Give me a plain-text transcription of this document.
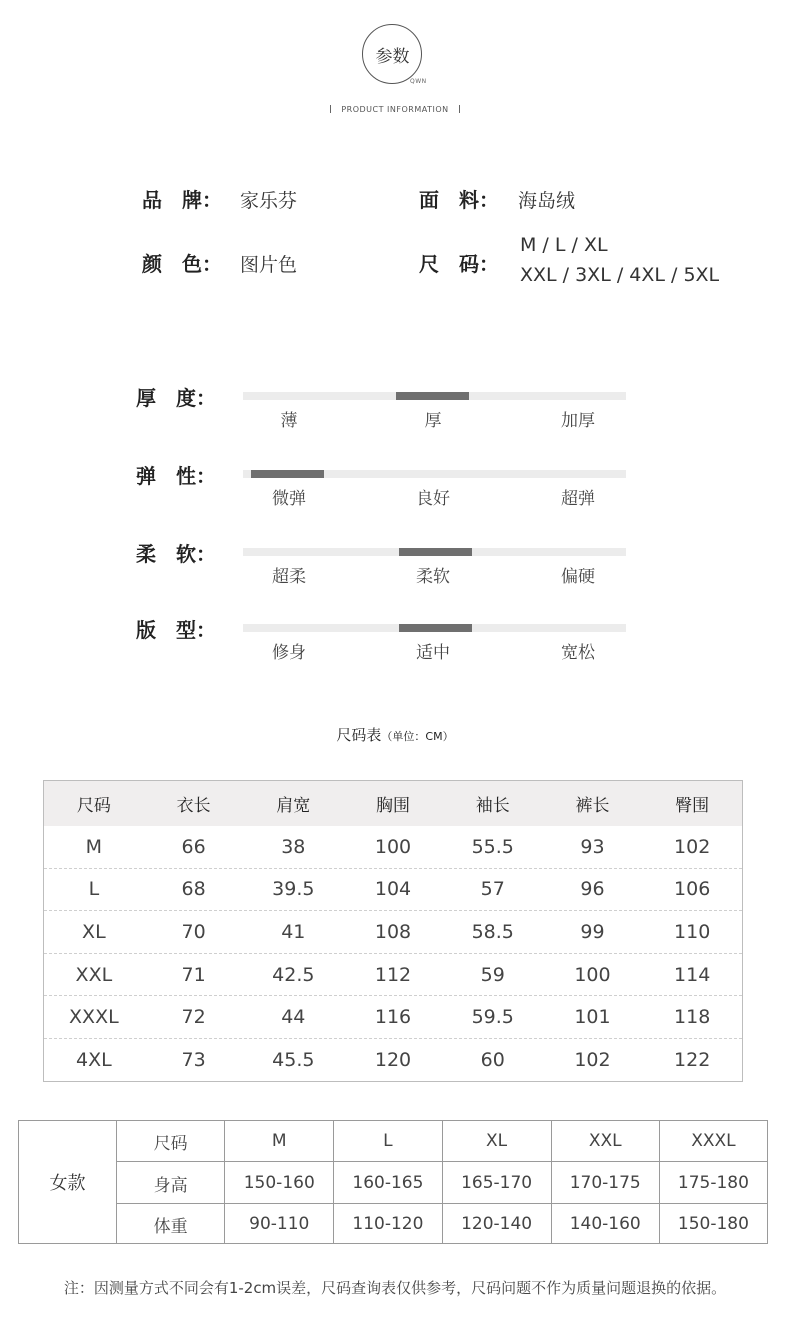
参数
QWN
PRODUCT INFORMATION
品　牌： 家乐芬	面　料： 海岛绒
颜　色： 图片色	尺　码：
M / L / XL
XXL / 3XL / 4XL / 5XL
厚　度：
薄	厚	加厚
弹　性：
微弹	良好	超弹
柔　软：
超柔	柔软	偏硬
版　型：
修身	适中	宽松
尺码表（单位：CM）
尺码	衣长	肩宽	胸围	袖长	裤长	臀围
M	66	38	100	55.5	93	102
L	68	39.5	104	57	96	106
XL	70	41	108	58.5	99	110
XXL	71	42.5	112	59	100	114
XXXL	72	44	116	59.5	101	118
4XL	73	45.5	120	60	102	122
女款
尺码	M	L	XL	XXL	XXXL
身高	150-160	160-165	165-170	170-175	175-180
体重	90-110	110-120	120-140	140-160	150-180
注：因测量方式不同会有1-2cm误差，尺码查询表仅供参考，尺码问题不作为质量问题退换的依据。
